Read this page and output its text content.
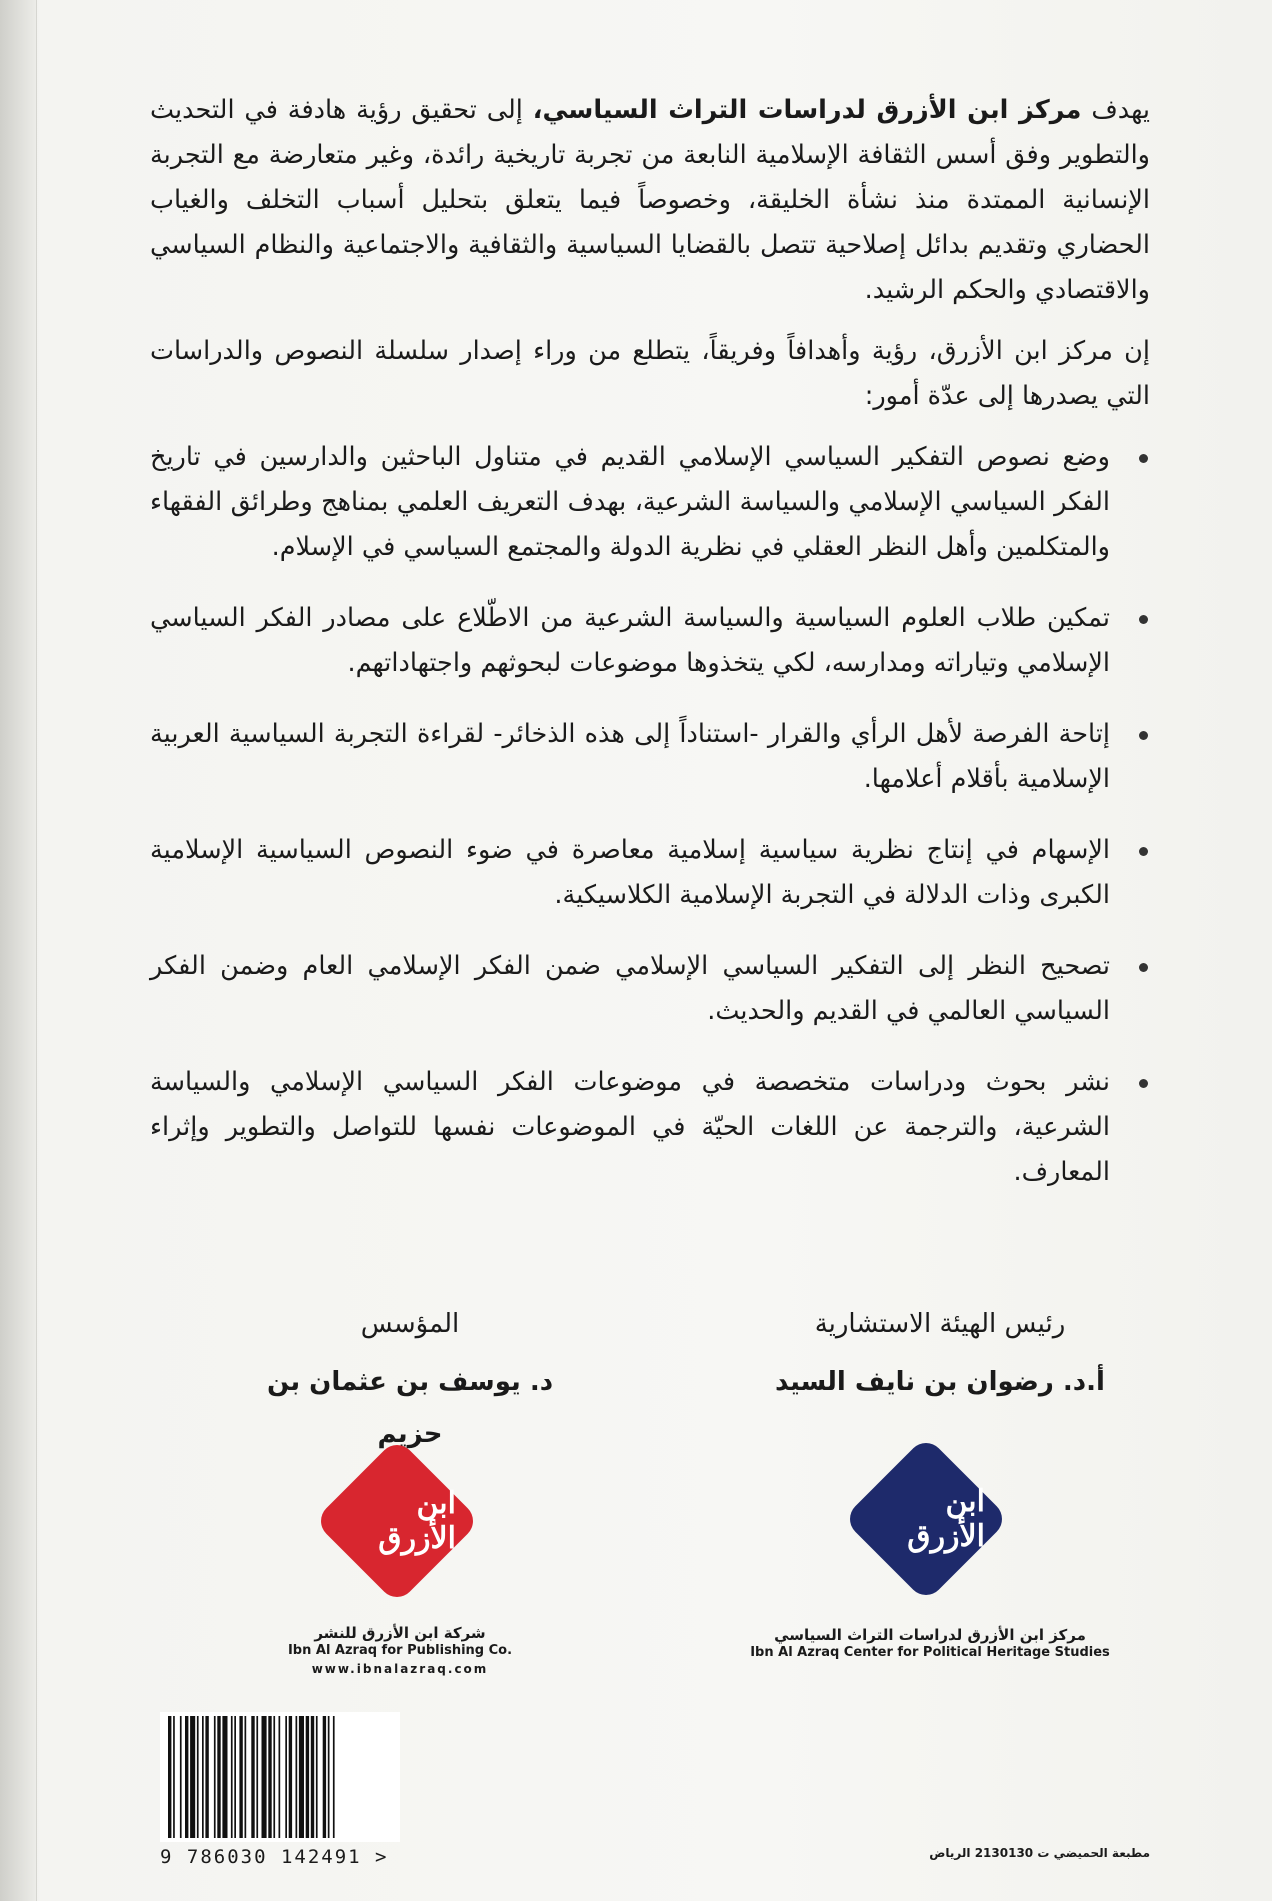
يهدف مركز ابن الأزرق لدراسات التراث السياسي، إلى تحقيق رؤية هادفة في التحديث والتطوير وفق أسس الثقافة الإسلامية النابعة من تجربة تاريخية رائدة، وغير متعارضة مع التجربة الإنسانية الممتدة منذ نشأة الخليقة، وخصوصاً فيما يتعلق بتحليل أسباب التخلف والغياب الحضاري وتقديم بدائل إصلاحية تتصل بالقضايا السياسية والثقافية والاجتماعية والنظام السياسي والاقتصادي والحكم الرشيد.

إن مركز ابن الأزرق، رؤية وأهدافاً وفريقاً، يتطلع من وراء إصدار سلسلة النصوص والدراسات التي يصدرها إلى عدّة أمور:

وضع نصوص التفكير السياسي الإسلامي القديم في متناول الباحثين والدارسين في تاريخ الفكر السياسي الإسلامي والسياسة الشرعية، بهدف التعريف العلمي بمناهج وطرائق الفقهاء والمتكلمين وأهل النظر العقلي في نظرية الدولة والمجتمع السياسي في الإسلام.
تمكين طلاب العلوم السياسية والسياسة الشرعية من الاطّلاع على مصادر الفكر السياسي الإسلامي وتياراته ومدارسه، لكي يتخذوها موضوعات لبحوثهم واجتهاداتهم.
إتاحة الفرصة لأهل الرأي والقرار -استناداً إلى هذه الذخائر- لقراءة التجربة السياسية العربية الإسلامية بأقلام أعلامها.
الإسهام في إنتاج نظرية سياسية إسلامية معاصرة في ضوء النصوص السياسية الإسلامية الكبرى وذات الدلالة في التجربة الإسلامية الكلاسيكية.
تصحيح النظر إلى التفكير السياسي الإسلامي ضمن الفكر الإسلامي العام وضمن الفكر السياسي العالمي في القديم والحديث.
نشر بحوث ودراسات متخصصة في موضوعات الفكر السياسي الإسلامي والسياسة الشرعية، والترجمة عن اللغات الحيّة في الموضوعات نفسها للتواصل والتطوير وإثراء المعارف.
رئيس الهيئة الاستشارية
أ.د. رضوان بن نايف السيد
المؤسس
د. يوسف بن عثمان بن حزيم
ابن الأزرق
ابن الأزرق
شركة ابن الأزرق للنشر
Ibn Al Azraq for Publishing Co.
www.ibnalazraq.com
مركز ابن الأزرق لدراسات التراث السياسي
Ibn Al Azraq Center for Political Heritage Studies
9 786030 142491 >	مطبعة الحميضي ت 2130130 الرياض
